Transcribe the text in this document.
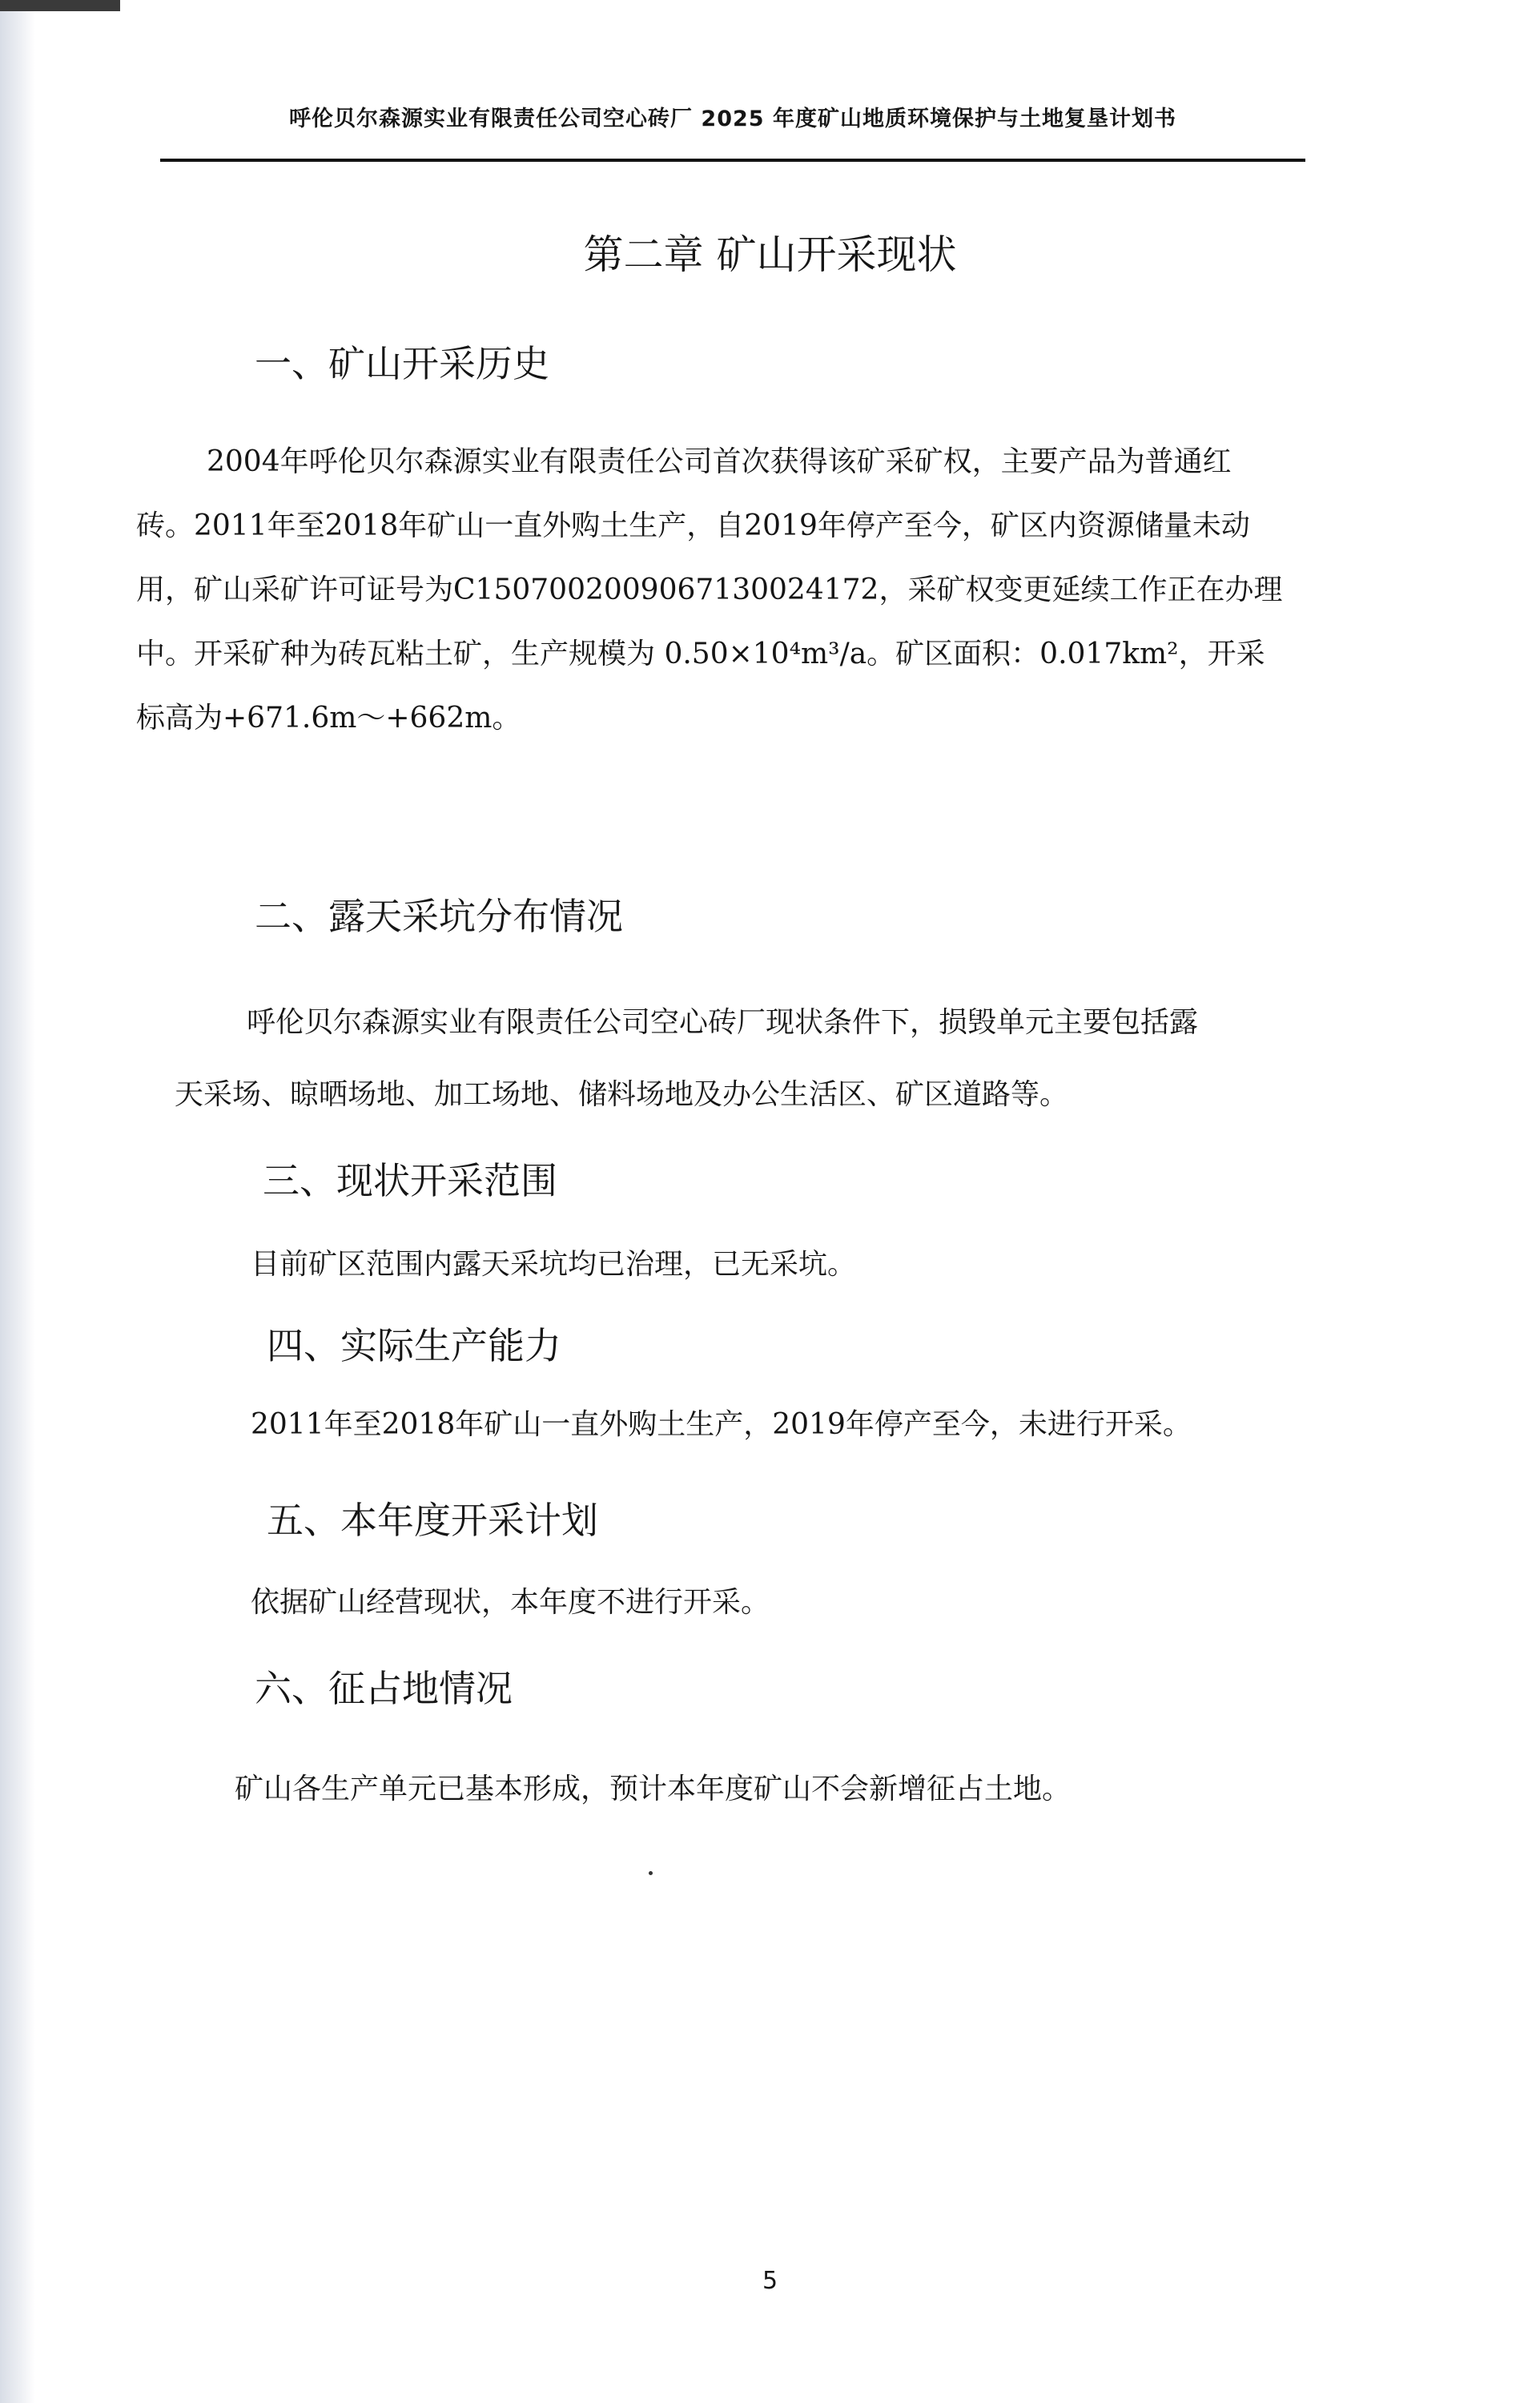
呼伦贝尔森源实业有限责任公司空心砖厂 2025 年度矿山地质环境保护与土地复垦计划书
第二章 矿山开采现状
一、矿山开采历史
2004年呼伦贝尔森源实业有限责任公司首次获得该矿采矿权，主要产品为普通红
砖。2011年至2018年矿山一直外购土生产，自2019年停产至今，矿区内资源储量未动
用，矿山采矿许可证号为C1507002009067130024172，采矿权变更延续工作正在办理
中。开采矿种为砖瓦粘土矿，生产规模为 0.50×10⁴m³/a。矿区面积：0.017km²，开采
标高为+671.6m～+662m。
二、露天采坑分布情况
呼伦贝尔森源实业有限责任公司空心砖厂现状条件下，损毁单元主要包括露
天采场、晾晒场地、加工场地、储料场地及办公生活区、矿区道路等。
三、现状开采范围
目前矿区范围内露天采坑均已治理，已无采坑。
四、实际生产能力
2011年至2018年矿山一直外购土生产，2019年停产至今，未进行开采。
五、本年度开采计划
依据矿山经营现状，本年度不进行开采。
六、征占地情况
矿山各生产单元已基本形成，预计本年度矿山不会新增征占土地。
5
